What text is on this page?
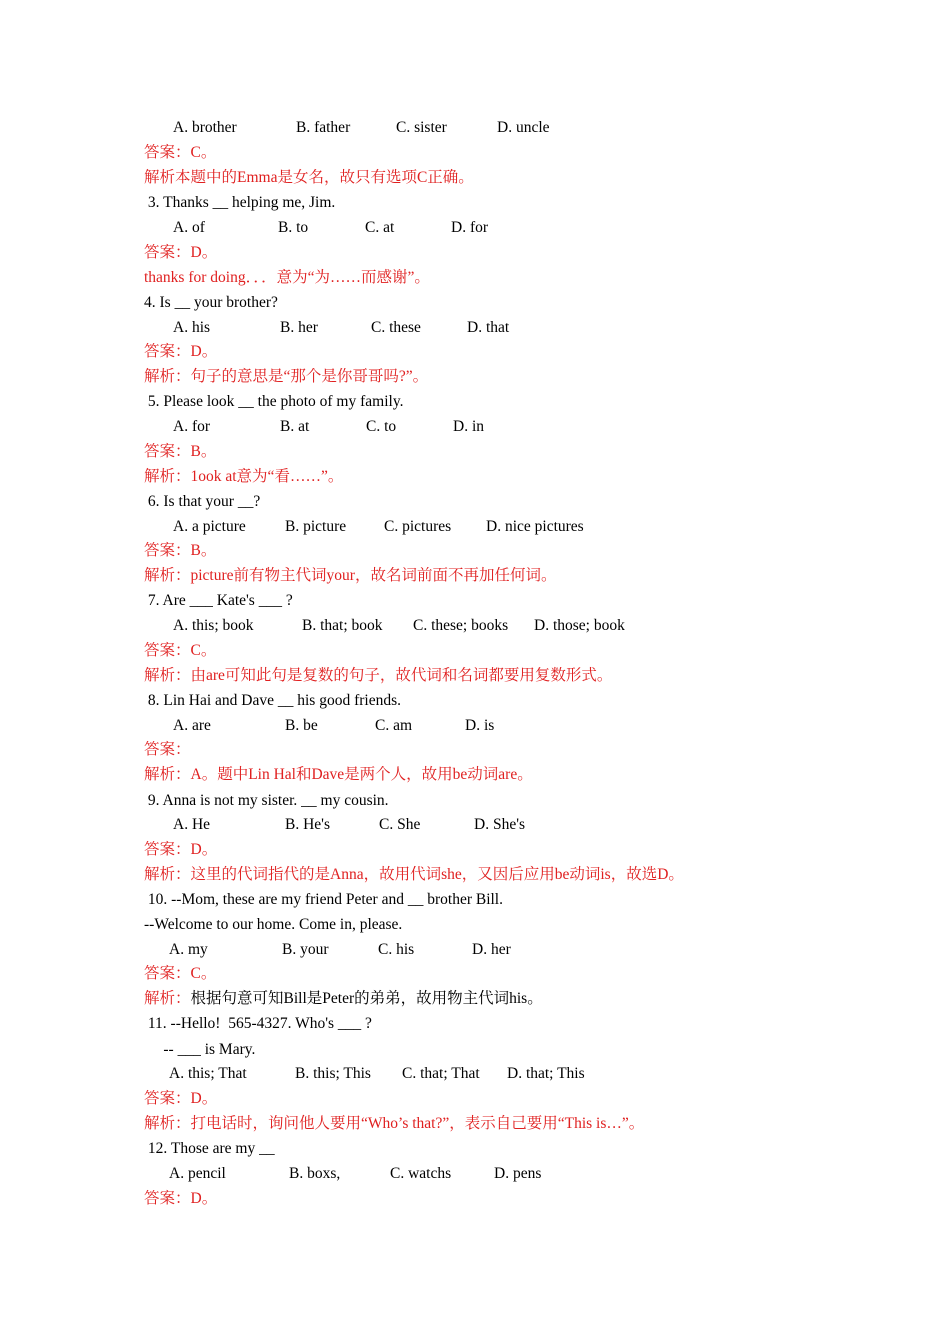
A. brother	B. father	C. sister	D. uncle
答案：C。
解析本题中的Emma是女名，故只有选项C正确。
3. Thanks __ helping me, Jim.
A. of	B. to	C. at	D. for
答案：D。
thanks for doing．．．意为“为……而感谢”。
4. Is __ your brother?
A. his	B. her	C. these	D. that
答案：D。
解析：句子的意思是“那个是你哥哥吗?”。
5. Please look __ the photo of my family.
A. for	B. at	C. to	D. in
答案：B。
解析：1ook at意为“看……”。
6. Is that your __?
A. a picture	B. picture C. pictures D. nice pictures
答案：B。
解析：picture前有物主代词your，故名词前面不再加任何词。
7. Are ___ Kate's ___ ?
A. this; book	B. that; book C. these; books D. those; book
答案：C。
解析：由are可知此句是复数的句子，故代词和名词都要用复数形式。
8. Lin Hai and Dave __ his good friends.
A. are	B. be	C. am	D. is
答案：
解析：A。题中Lin Hal和Dave是两个人，故用be动词are。
9. Anna is not my sister. __ my cousin.
A. He	B. He's	C. She	D. She's
答案：D。
解析：这里的代词指代的是Anna，故用代词she，又因后应用be动词is，故选D。
10. --Mom, these are my friend Peter and __ brother Bill.
--Welcome to our home. Come in, please.
A. my	B. your	C. his	D. her
答案：C。
解析：根据句意可知Bill是Peter的弟弟，故用物主代词his。
11. --Hello!  565-4327. Who's ___ ?
-- ___ is Mary.
A. this; That	B. this; This C. that; That D. that; This
答案：D。
解析：打电话时，询问他人要用“Who’s that?”，表示自己要用“This is…”。
12. Those are my __
A. pencil	B. boxs,	C. watchs	D. pens
答案：D。
